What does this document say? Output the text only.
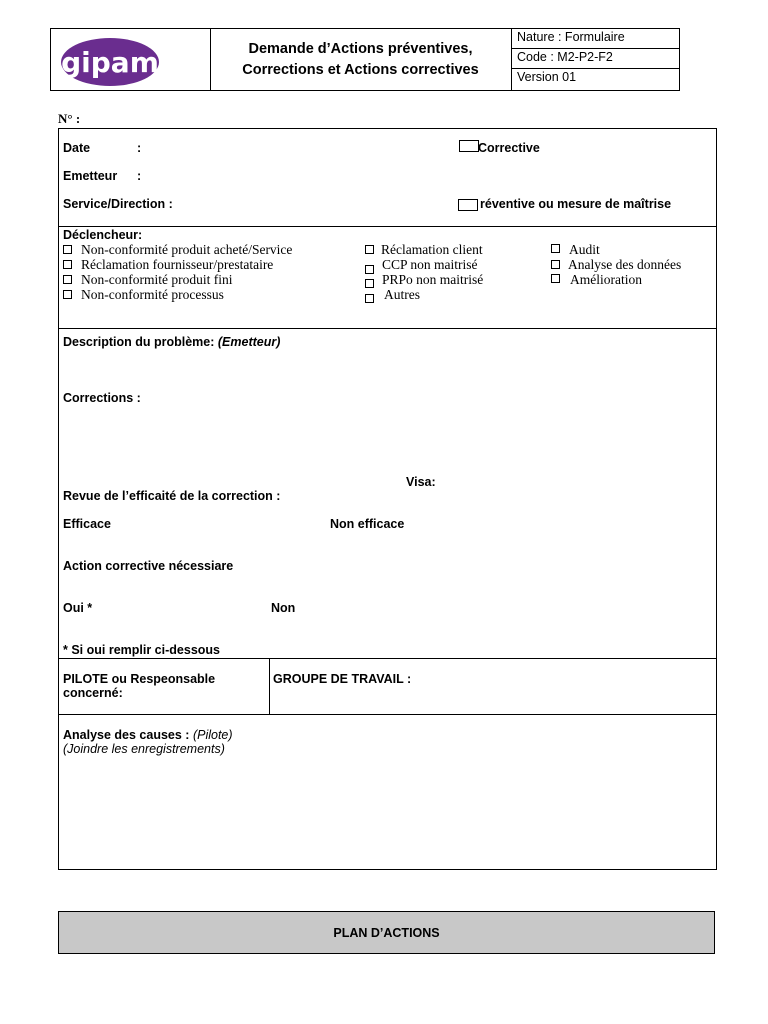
gipam	Demande d’Actions préventives,
Corrections et Actions correctives
Nature : Formulaire
Code : M2-P2-F2
Version 01
N° :
Date	:
Emetteur :
Service/Direction :
Corrective
réventive ou mesure de maîtrise
Déclencheur:
Non-conformité produit acheté/Service
Réclamation fournisseur/prestataire
Non-conformité produit fini
Non-conformité processus
Réclamation client
CCP non maitrisé
PRPo non maitrisé
Autres
Audit
Analyse des données
Amélioration
Description du problème: (Emetteur)
Corrections :
Visa:
Revue de l’efficaité de la correction :
Efficace	Non efficace
Action corrective nécessiare
Oui *	Non
* Si oui remplir ci-dessous
PILOTE ou Respeonsable
concerné:
GROUPE DE TRAVAIL :
Analyse des causes : (Pilote)
(Joindre les enregistrements)
PLAN D’ACTIONS
